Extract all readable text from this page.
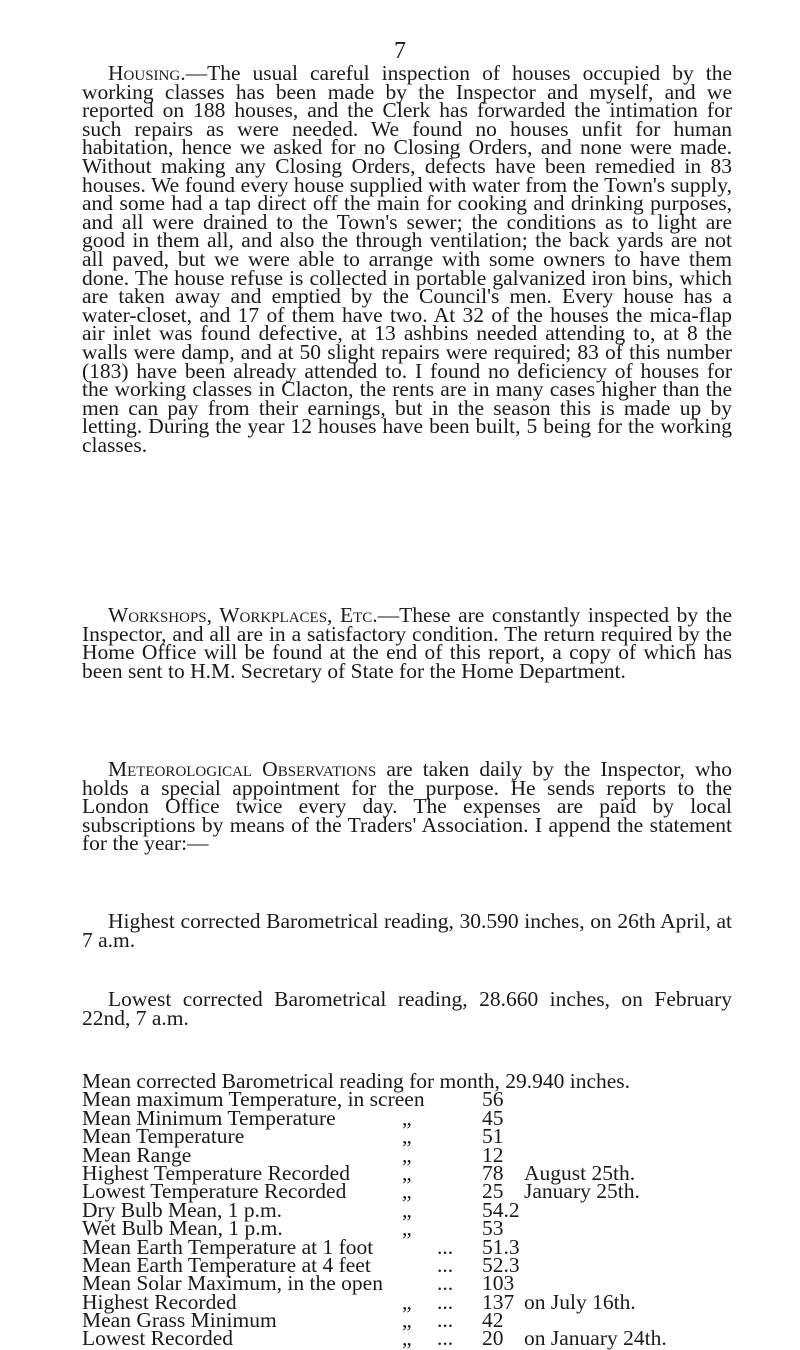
7

Housing.—The usual careful inspection of houses occupied by the working classes has been made by the Inspector and myself, and we reported on 188 houses, and the Clerk has forwarded the intimation for such repairs as were needed. We found no houses unfit for human habitation, hence we asked for no Closing Orders, and none were made. Without making any Closing Orders, defects have been remedied in 83 houses. We found every house supplied with water from the Town's supply, and some had a tap direct off the main for cooking and drinking purposes, and all were drained to the Town's sewer; the conditions as to light are good in them all, and also the through ventilation; the back yards are not all paved, but we were able to arrange with some owners to have them done. The house refuse is collected in portable galvanized iron bins, which are taken away and emptied by the Council's men. Every house has a water-closet, and 17 of them have two. At 32 of the houses the mica-flap air inlet was found defective, at 13 ashbins needed attending to, at 8 the walls were damp, and at 50 slight repairs were required; 83 of this number (183) have been already attended to. I found no deficiency of houses for the working classes in Clacton, the rents are in many cases higher than the men can pay from their earnings, but in the season this is made up by letting. During the year 12 houses have been built, 5 being for the working classes.

Workshops, Workplaces, Etc.—These are constantly inspected by the Inspector, and all are in a satisfactory condition. The return required by the Home Office will be found at the end of this report, a copy of which has been sent to H.M. Secretary of State for the Home Department.

Meteorological Observations are taken daily by the Inspector, who holds a special appointment for the purpose. He sends reports to the London Office twice every day. The expenses are paid by local subscriptions by means of the Traders' Association. I append the statement for the year:—

Highest corrected Barometrical reading, 30.590 inches, on 26th April, at 7 a.m.

Lowest corrected Barometrical reading, 28.660 inches, on February 22nd, 7 a.m.

Mean corrected Barometrical reading for month, 29.940 inches.
Mean maximum Temperature, in screen	56
Mean Minimum Temperature	„	45
Mean Temperature	„	51
Mean Range	„	12
Highest Temperature Recorded „	78 August 25th.
Lowest Temperature Recorded	„	25 January 25th.
Dry Bulb Mean, 1 p.m.	„	54.2
Wet Bulb Mean, 1 p.m.	„	53
Mean Earth Temperature at 1 foot	... 51.3
Mean Earth Temperature at 4 feet	... 52.3
Mean Solar Maximum, in the open	... 103
Highest Recorded	„ ... 137 on July 16th.
Mean Grass Minimum	„ ... 42
Lowest Recorded	„ ... 20 on January 24th.
